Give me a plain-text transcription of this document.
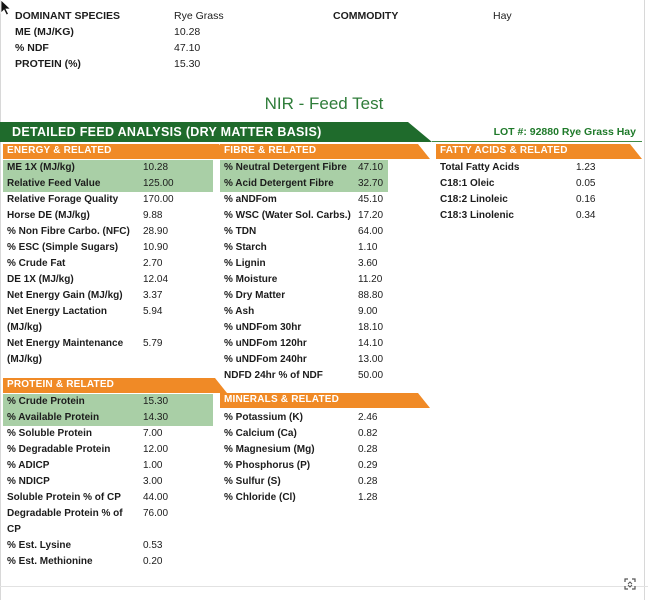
DOMINANT SPECIES	Rye Grass	COMMODITY	Hay
ME (MJ/KG)	10.28
% NDF	47.10
PROTEIN (%)	15.30
NIR - Feed Test
DETAILED FEED ANALYSIS (DRY MATTER BASIS)	LOT #: 92880 Rye Grass Hay
ENERGY & RELATED	FIBRE & RELATED	FATTY ACIDS & RELATED
PROTEIN & RELATED
MINERALS & RELATED
ME 1X (MJ/kg)	10.28
Relative Feed Value	125.00
Relative Forage Quality 170.00
Horse DE (MJ/kg)	9.88
% Non Fibre Carbo. (NFC) 28.90
% ESC (Simple Sugars) 10.90
% Crude Fat	2.70
DE 1X (MJ/kg)	12.04
Net Energy Gain (MJ/kg) 3.37
Net Energy Lactation (MJ/kg)
5.94
Net Energy Maintenance (MJ/kg)
5.79
% Crude Protein	15.30
% Available Protein	14.30
% Soluble Protein	7.00
% Degradable Protein	12.00
% ADICP	1.00
% NDICP	3.00
Soluble Protein % of CP 44.00
Degradable Protein % of CP
76.00
% Est. Lysine	0.53
% Est. Methionine	0.20
% Neutral Detergent Fibre 47.10
% Acid Detergent Fibre 32.70
% aNDFom	45.10
% WSC (Water Sol. Carbs.) 17.20
% TDN	64.00
% Starch	1.10
% Lignin	3.60
% Moisture	11.20
% Dry Matter	88.80
% Ash	9.00
% uNDFom 30hr	18.10
% uNDFom 120hr	14.10
% uNDFom 240hr	13.00
NDFD 24hr % of NDF	50.00
% Potassium (K)	2.46
% Calcium (Ca)	0.82
% Magnesium (Mg)	0.28
% Phosphorus (P)	0.29
% Sulfur (S)	0.28
% Chloride (Cl)	1.28
Total Fatty Acids	1.23
C18:1 Oleic	0.05
C18:2 Linoleic	0.16
C18:3 Linolenic	0.34
